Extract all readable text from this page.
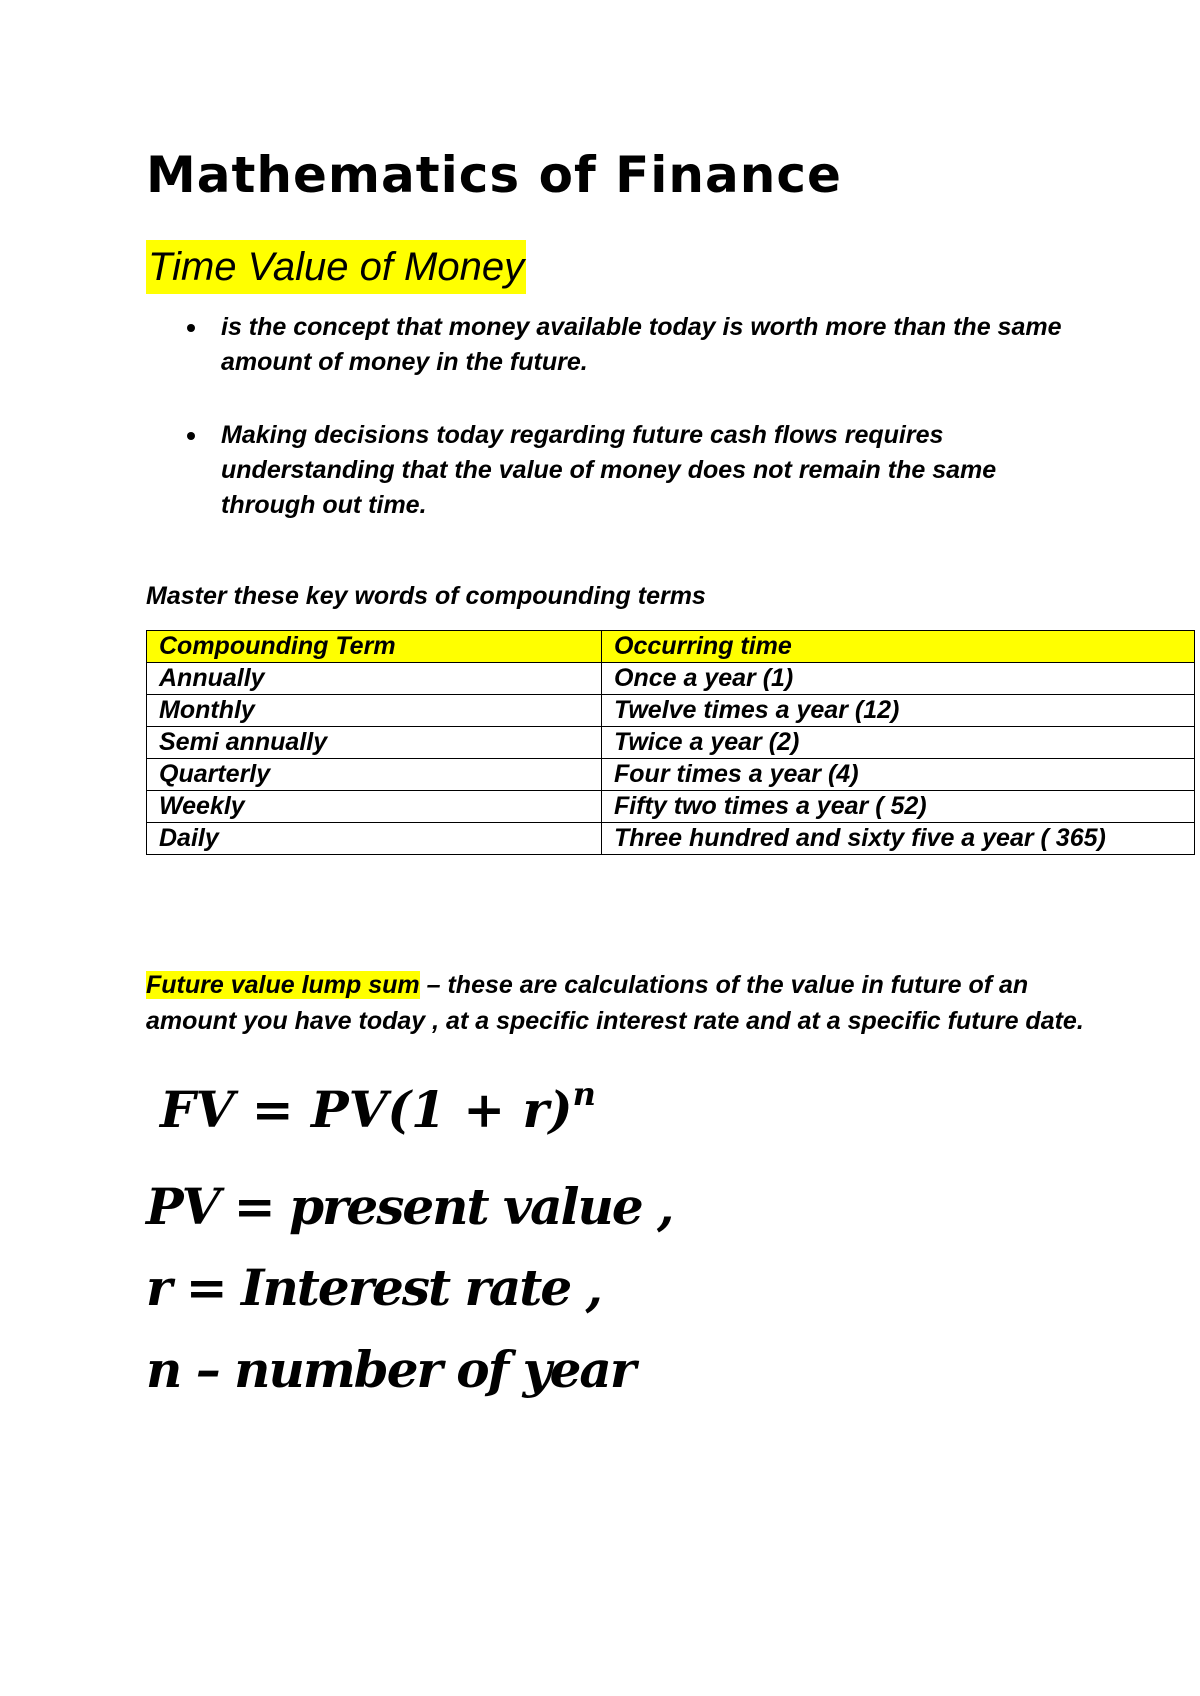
Mathematics of Finance
Time Value of Money
is the concept that money available today is worth more than the same amount of money in the future.
Making decisions today regarding future cash flows requires understanding that the value of money does not remain the same through out time.

Master these key words of compounding terms

Compounding Term	Occurring time
Annually	Once a year (1)
Monthly	Twelve times a year (12)
Semi annually	Twice a year (2)
Quarterly	Four times a year (4)
Weekly	Fifty two times a year ( 52)
Daily	Three hundred and sixty five a year ( 365)

Future value lump sum – these are calculations of the value in future of an amount you have today , at a specific interest rate and at a specific future date.

FV = $PV(1 + r)^n$

PV = present value ,

r = Interest rate ,

n – number of year
